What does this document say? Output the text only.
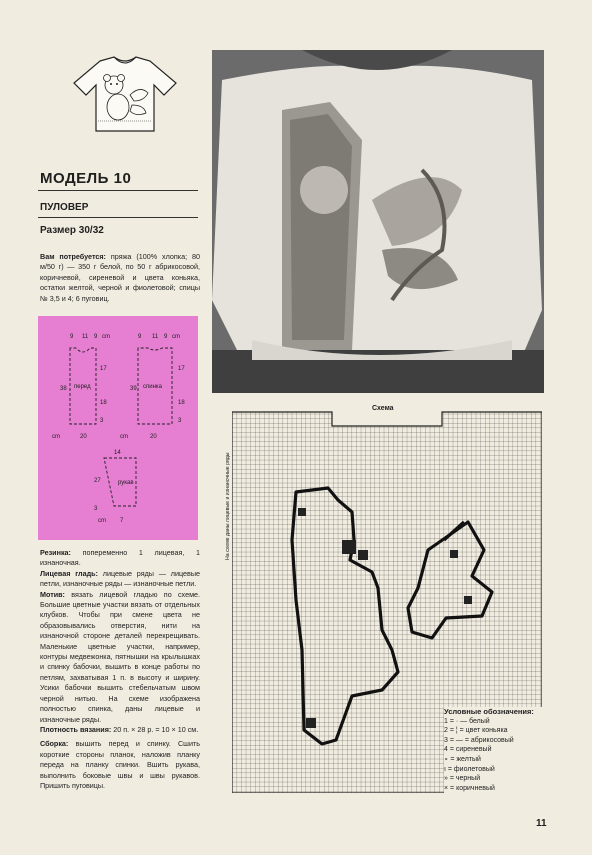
МОДЕЛЬ 10
ПУЛОВЕР
Размер 30/32
Вам потребуется: пряжа (100% хлопка; 80 м/50 г) — 350 г белой, по 50 г абрикосовой, коричневой, сиреневой и цвета коньяка, остатки желтой, черной и фиолетовой; спицы № 3,5 и 4; 6 пуговиц.
перед	спинка
рукав
9 11 9 cm	9 11 9 cm
38
17
18
3
39
17
18
3
cm	20	cm	20
14
27
3
7
cm
Резинка: попеременно 1 лицевая, 1 изнаночная.
Лицевая гладь: лицевые ряды — лицевые петли, изнаночные ряды — изнаночные петли.
Мотив: вязать лицевой гладью по схеме. Большие цветные участки вязать от отдельных клубков. Чтобы при смене цвета не образовывались отверстия, нити на изнаночной стороне деталей перекрещивать. Маленькие цветные участки, например, контуры медвежонка, пятнышки на крылышках и спинку бабочки, вышить в конце работы по петлям, захватывая 1 п. в высоту и ширину. Усики бабочки вышить стебельчатым швом черной нитью. На схеме изображена полностью спинка, даны лицевые и изнаночные ряды.
Плотность вязания: 20 п. × 28 р. = 10 × 10 см.
Сборка: вышить перед и спинку. Сшить короткие стороны планок, наложив планку переда на планку спинки. Вшить рукава, выполнить боковые швы и швы рукавов. Пришить пуговицы.
Схема
На схеме даны лицевые и изнаночные ряды
Условные обозначения:
1 = · — белый
2 = ¦ = цвет коньяка
3 = — = абрикосовый
4 = сиреневый
∘ = желтый
ı = фиолетовый
» = черный
× = коричневый
11
